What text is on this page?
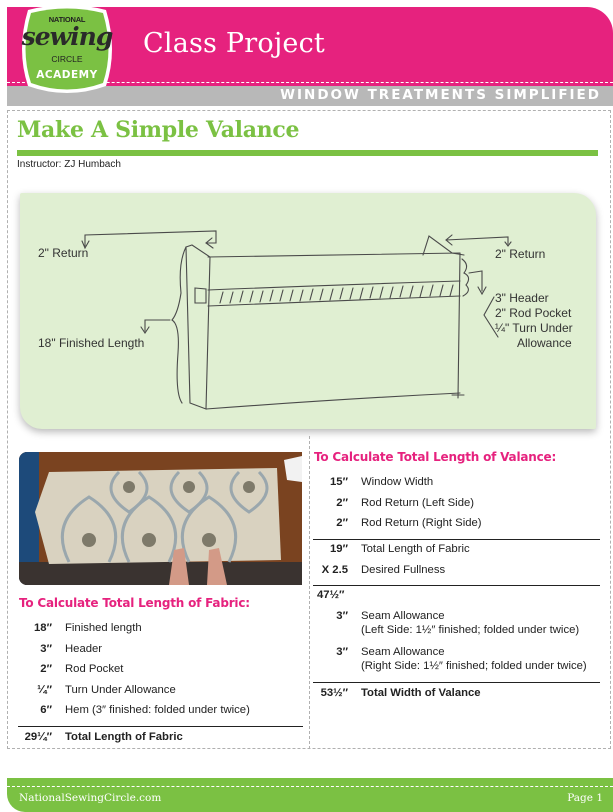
Class Project
WINDOW TREATMENTS SIMPLIFIED
NATIONAL
sewing
CIRCLE
ACADEMY
Make A Simple Valance
Instructor: ZJ Humbach
2" Return
18" Finished Length
2" Return
3" Header
2" Rod Pocket
¼" Turn Under
Allowance
To Calculate Total Length of Fabric:
18″ Finished length
3″ Header
2″ Rod Pocket
¼″ Turn Under Allowance
6″ Hem (3″ finished: folded under twice)
29¼″ Total Length of Fabric
To Calculate Total Length of Valance:
15″ Window Width
2″ Rod Return (Left Side)
2″ Rod Return (Right Side)
19″ Total Length of Fabric
X 2.5 Desired Fullness
47½″
3″ Seam Allowance
(Left Side: 1½″ finished; folded under twice)
3″ Seam Allowance
(Right Side: 1½″ finished; folded under twice)
53½″ Total Width of Valance
NationalSewingCircle.com	Page 1
